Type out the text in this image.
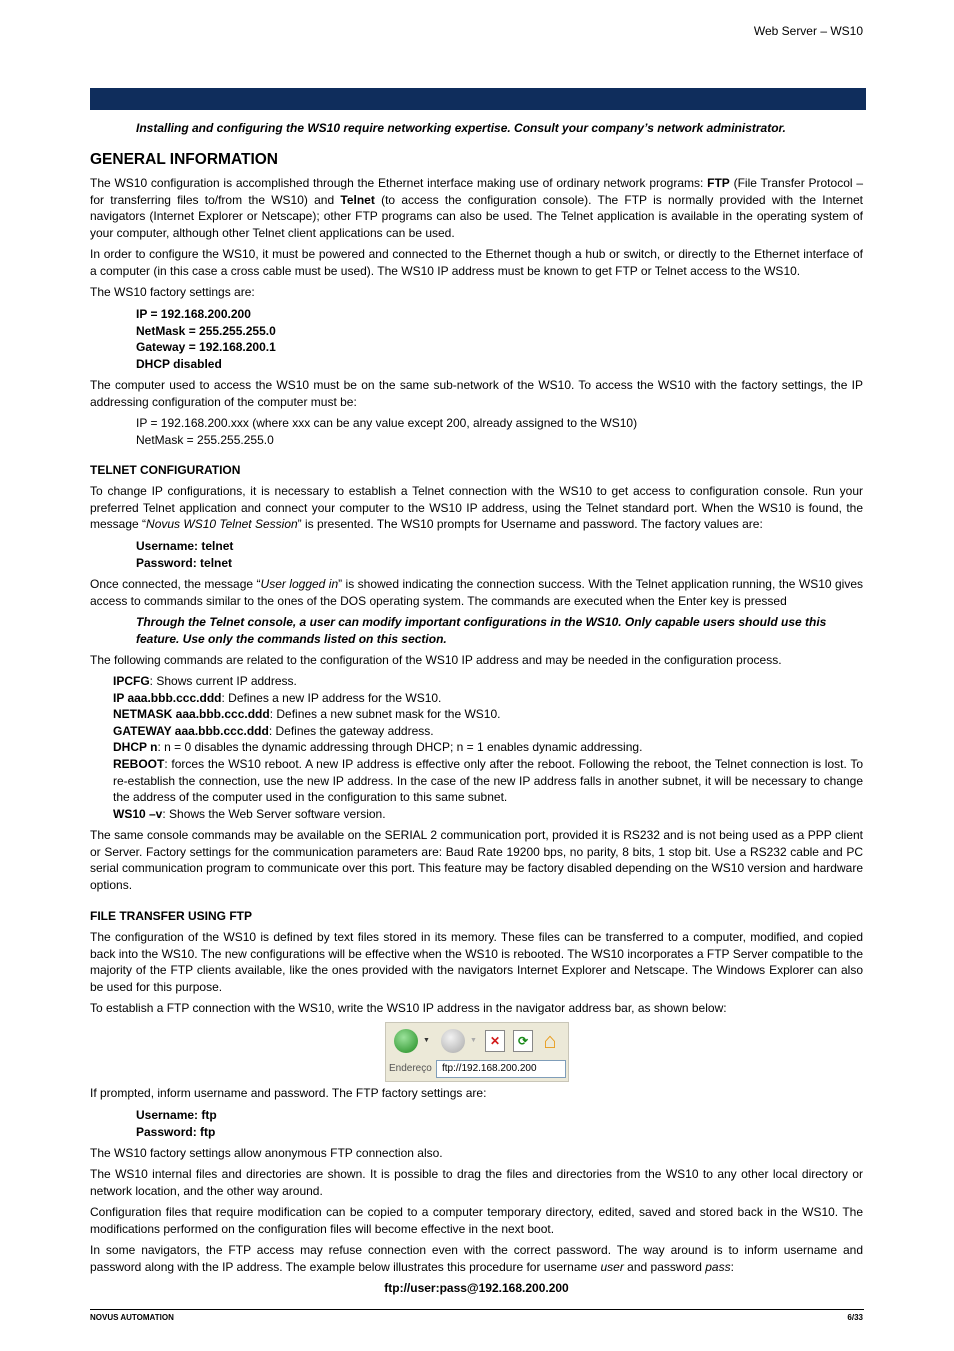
Web Server – WS10
Installing and configuring the WS10 require networking expertise. Consult your company’s network administrator.
GENERAL INFORMATION

The WS10 configuration is accomplished through the Ethernet interface making use of ordinary network programs: FTP (File Transfer Protocol – for transferring files to/from the WS10) and Telnet (to access the configuration console). The FTP is normally provided with the Internet navigators (Internet Explorer or Netscape); other FTP programs can also be used. The Telnet application is available in the operating system of your computer, although other Telnet client applications can be used.

In order to configure the WS10, it must be powered and connected to the Ethernet though a hub or switch, or directly to the Ethernet interface of a computer (in this case a cross cable must be used). The WS10 IP address must be known to get FTP or Telnet access to the WS10.

The WS10 factory settings are:

IP = 192.168.200.200
NetMask = 255.255.255.0
Gateway = 192.168.200.1
DHCP disabled

The computer used to access the WS10 must be on the same sub-network of the WS10. To access the WS10 with the factory settings, the IP addressing configuration of the computer must be:

IP = 192.168.200.xxx (where xxx can be any value except 200, already assigned to the WS10)
NetMask = 255.255.255.0
TELNET CONFIGURATION

To change IP configurations, it is necessary to establish a Telnet connection with the WS10 to get access to configuration console. Run your preferred Telnet application and connect your computer to the WS10 IP address, using the Telnet standard port. When the WS10 is found, the message “Novus WS10 Telnet Session” is presented. The WS10 prompts for Username and password. The factory values are:

Username: telnet
Password: telnet

Once connected, the message “User logged in” is showed indicating the connection success. With the Telnet application running, the WS10 gives access to commands similar to the ones of the DOS operating system. The commands are executed when the Enter key is pressed

Through the Telnet console, a user can modify important configurations in the WS10. Only capable users should use this
feature. Use only the commands listed on this section.

The following commands are related to the configuration of the WS10 IP address and may be needed in the configuration process.

IPCFG: Shows current IP address.
IP aaa.bbb.ccc.ddd: Defines a new IP address for the WS10.
NETMASK aaa.bbb.ccc.ddd: Defines a new subnet mask for the WS10.
GATEWAY aaa.bbb.ccc.ddd: Defines the gateway address.
DHCP n: n = 0 disables the dynamic addressing through DHCP; n = 1 enables dynamic addressing.
REBOOT: forces the WS10 reboot. A new IP address is effective only after the reboot. Following the reboot, the Telnet connection is lost. To re-establish the connection, use the new IP address. In the case of the new IP address falls in another subnet, it will be necessary to change the address of the computer used in the configuration to this same subnet.
WS10 –v: Shows the Web Server software version.

The same console commands may be available on the SERIAL 2 communication port, provided it is RS232 and is not being used as a PPP client or Server. Factory settings for the communication parameters are: Baud Rate 19200 bps, no parity, 8 bits, 1 stop bit. Use a RS232 cable and PC serial communication program to communicate over this port. This feature may be factory disabled depending on the WS10 version and hardware options.

FILE TRANSFER USING FTP

The configuration of the WS10 is defined by text files stored in its memory. These files can be transferred to a computer, modified, and copied back into the WS10. The new configurations will be effective when the WS10 is rebooted. The WS10 incorporates a FTP Server compatible to the majority of the FTP clients available, like the ones provided with the navigators Internet Explorer and Netscape. The Windows Explorer can also be used for this purpose.

To establish a FTP connection with the WS10, write the WS10 IP address in the navigator address bar, as shown below:

▼	▼	✕	⟳ ⌂
Endereço	ftp://192.168.200.200

If prompted, inform username and password. The FTP factory settings are:

Username: ftp
Password: ftp

The WS10 factory settings allow anonymous FTP connection also.

The WS10 internal files and directories are shown. It is possible to drag the files and directories from the WS10 to any other local directory or network location, and the other way around.

Configuration files that require modification can be copied to a computer temporary directory, edited, saved and stored back in the WS10. The modifications performed on the configuration files will become effective in the next boot.

In some navigators, the FTP access may refuse connection even with the correct password. The way around is to inform username and password along with the IP address. The example below illustrates this procedure for username user and password pass:

ftp://user:pass@192.168.200.200
NOVUS AUTOMATION	6/33
